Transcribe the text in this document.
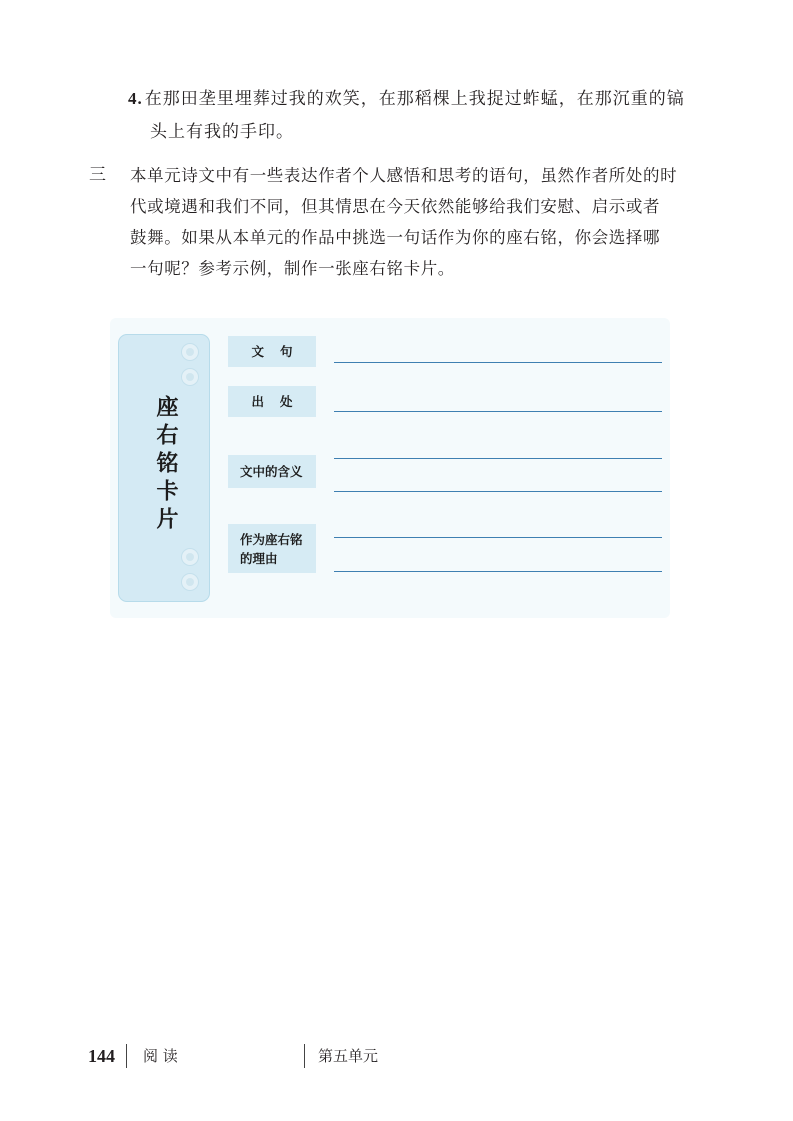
4. 在那田垄里埋葬过我的欢笑，在那稻棵上我捉过蚱蜢，在那沉重的镐
头上有我的手印。
三 本单元诗文中有一些表达作者个人感悟和思考的语句，虽然作者所处的时
代或境遇和我们不同，但其情思在今天依然能够给我们安慰、启示或者
鼓舞。如果从本单元的作品中挑选一句话作为你的座右铭，你会选择哪
一句呢？参考示例，制作一张座右铭卡片。
座右铭卡片
文句
出处
文中的含义
作为座右铭
的理由
144 阅 读	第五单元
